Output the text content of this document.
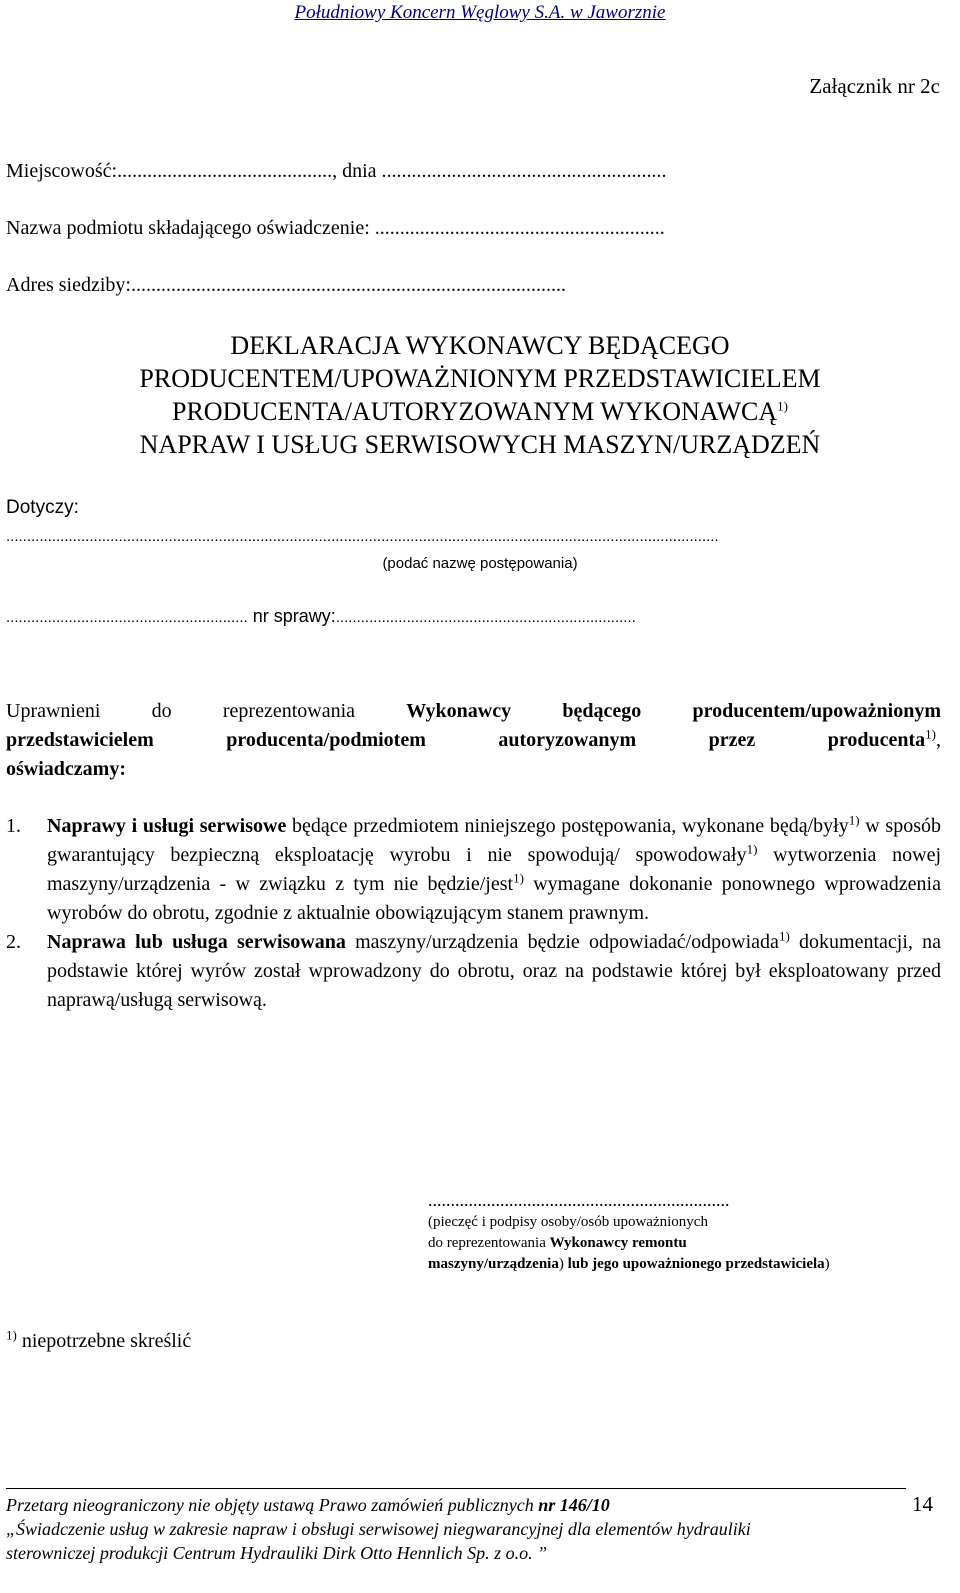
Południowy Koncern Węglowy S.A. w Jaworznie
Załącznik nr 2c
Miejscowość:..........................................., dnia .........................................................
Nazwa podmiotu składającego oświadczenie: ..........................................................
Adres siedziby:.......................................................................................
DEKLARACJA WYKONAWCY BĘDĄCEGO
PRODUCENTEM/UPOWAŻNIONYM PRZEDSTAWICIELEM
PRODUCENTA/AUTORYZOWANYM WYKONAWCĄ$^{1)}$
NAPRAW I USŁUG SERWISOWYCH MASZYN/URZĄDZEŃ
Dotyczy:
...........................................................................................................................................................................
(podać nazwę postępowania)
.......................................................... nr sprawy:........................................................................
Uprawnieni do reprezentowania Wykonawcy będącego producentem/upoważnionym
przedstawicielem producenta/podmiotem autoryzowanym przez producenta$^{1)}$,
oświadczamy:
1. Naprawy i usługi serwisowe będące przedmiotem niniejszego postępowania, wykonane będą/były$^{1)}$ w sposób gwarantujący bezpieczną eksploatację wyrobu i nie spowodują/ spowodowały$^{1)}$ wytworzenia nowej maszyny/urządzenia - w związku z tym nie będzie/jest$^{1)}$ wymagane dokonanie ponownego wprowadzenia wyrobów do obrotu, zgodnie z aktualnie obowiązującym stanem prawnym.
2. Naprawa lub usługa serwisowana maszyny/urządzenia będzie odpowiadać/odpowiada$^{1)}$ dokumentacji, na podstawie której wyrów został wprowadzony do obrotu, oraz na podstawie której był eksploatowany przed naprawą/usługą serwisową.
...................................................................
(pieczęć i podpisy osoby/osób upoważnionych
do reprezentowania Wykonawcy remontu
maszyny/urządzenia) lub jego upoważnionego przedstawiciela)
$^{1)}$ niepotrzebne skreślić
Przetarg nieograniczony nie objęty ustawą Prawo zamówień publicznych nr 146/10
„Świadczenie usług w zakresie napraw i obsługi serwisowej niegwarancyjnej dla elementów hydrauliki
sterowniczej produkcji Centrum Hydrauliki Dirk Otto Hennlich Sp. z o.o. ”
14
